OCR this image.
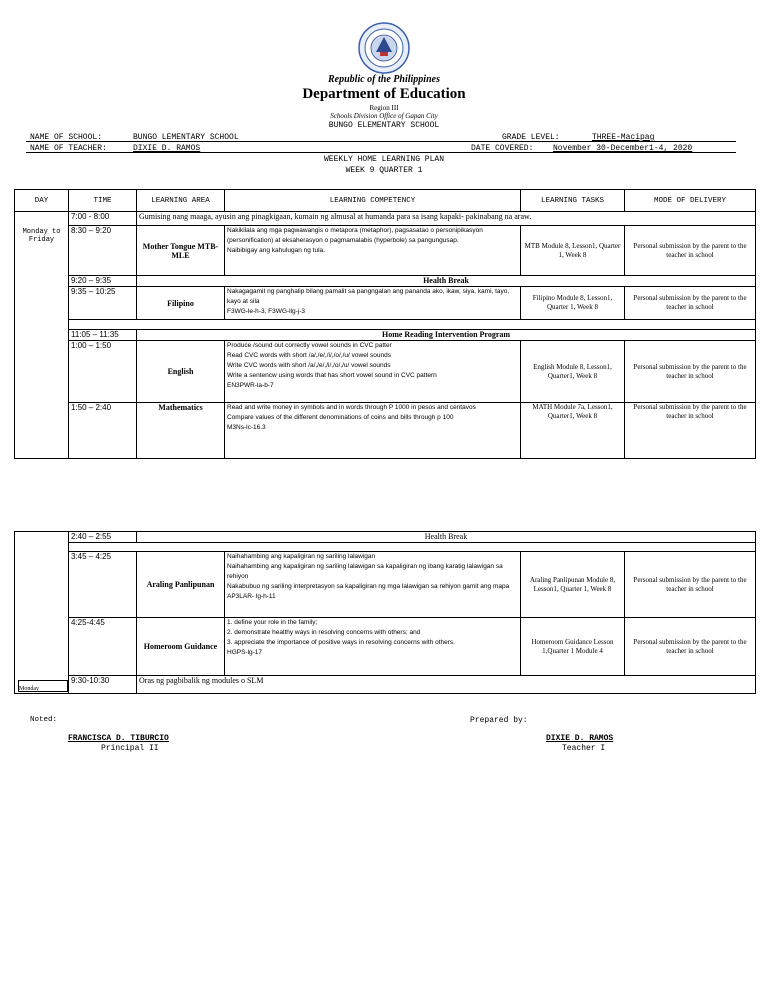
Republic of the Philippines
Department of Education
Region III
Schools Division Office of Gapan City
BUNGO ELEMENTARY SCHOOL
NAME OF SCHOOL:	BUNGO LEMENTARY SCHOOL	GRADE LEVEL:	THREE-Macipag
NAME OF TEACHER:	DIXIE D. RAMOS	DATE COVERED: November 30-December1-4, 2020
WEEKLY HOME LEARNING PLAN
WEEK 9 QUARTER 1
DAY	TIME	LEARNING AREA	LEARNING COMPETENCY	LEARNING TASKS	MODE OF DELIVERY
Monday to Friday	7:00 - 8:00	Gumising nang maaga, ayusin ang pinagkigaan, kumain ng almusal at humanda para sa isang kapaki- pakinabang na araw.			
	8:30 – 9:20	Mother Tongue MTB-MLE	Nakikilala ang mga pagwawangis o metapora (metaphor), pagsasatao o personipikasyon (personification) at eksaherasyon o pagmamalabis (hyperbole) sa pangungusap.
Naibibigay ang kahulugan ng tula.	MTB Module 8, Lesson1, Quarter 1, Week 8	Personal submission by the parent to the teacher in school
	9:20 – 9:35	Health Break			
	9:35 – 10:25	Filipino	Nakagagamit ng panghalip bilang pamalit sa pangngalan ang pananda ako, ikaw, siya, kami, tayo, kayo at sila
F3WG-le-h-3, F3WG-llg-j-3	Filipino Module 8, Lesson1, Quarter 1, Week 8	Personal submission by the parent to the teacher in school

	11:05 – 11:35	Home Reading Intervention Program			
	1:00 – 1:50	English	Produce /sound out correctly vowel sounds in CVC patter
Read CVC words with short /a/,/e/,/i/,/o/,/u/ vowel sounds
Write CVC words with short /a/,/e/,/i/,/o/,/u/ vowel sounds
Write a sentencw using words that has short vowel sound in CVC pattern
EN3PWR-la-b-7	English Module 8, Lesson1, Quarter1, Week 8	Personal submission by the parent to the teacher in school
	1:50 – 2:40	Mathematics	Read and write money in symbols and in words through P 1000 in pesos and centavos
Compare values of the different denominations of coins and bills through p 100
M3Ns-lc-16.3	MATH Module 7a, Lesson1, Quarter1, Week 8	Personal submission by the parent to the teacher in school
	2:40 – 2:55	Health Break			

	3:45 – 4:25	Araling Panlipunan	Naihahambing ang kapaligiran ng sariling lalawigan
Naihahambing ang kapaligiran ng sariling lalawigan sa kapaligiran ng ibang karatig lalawigan sa rehiyon
Nakabubuo ng sariling interpretasyon sa kapaligiran ng mga lalawigan sa rehiyon gamit ang mapa
AP3LAR- lg-h-11	Araling Panlipunan Module 8, Lesson1, Quarter 1, Week 8	Personal submission by the parent to the teacher in school
	4:25-4:45	Homeroom Guidance	1. define your role in the family;
2. demonstrate healthy ways in resolving concerns with others; and
3. appreciate the importance of positive ways in resolving concerns with others.
HGPS-lg-17	Homeroom Guidance Lesson 1,Quarter 1 Module 4	Personal submission by the parent to the teacher in school
	9:30-10:30	Oras ng pagbibalik ng modules o SLM			
Monday
Noted:
FRANCISCA D. TIBURCIO
Principal II
Prepared by:
DIXIE D. RAMOS
Teacher I
